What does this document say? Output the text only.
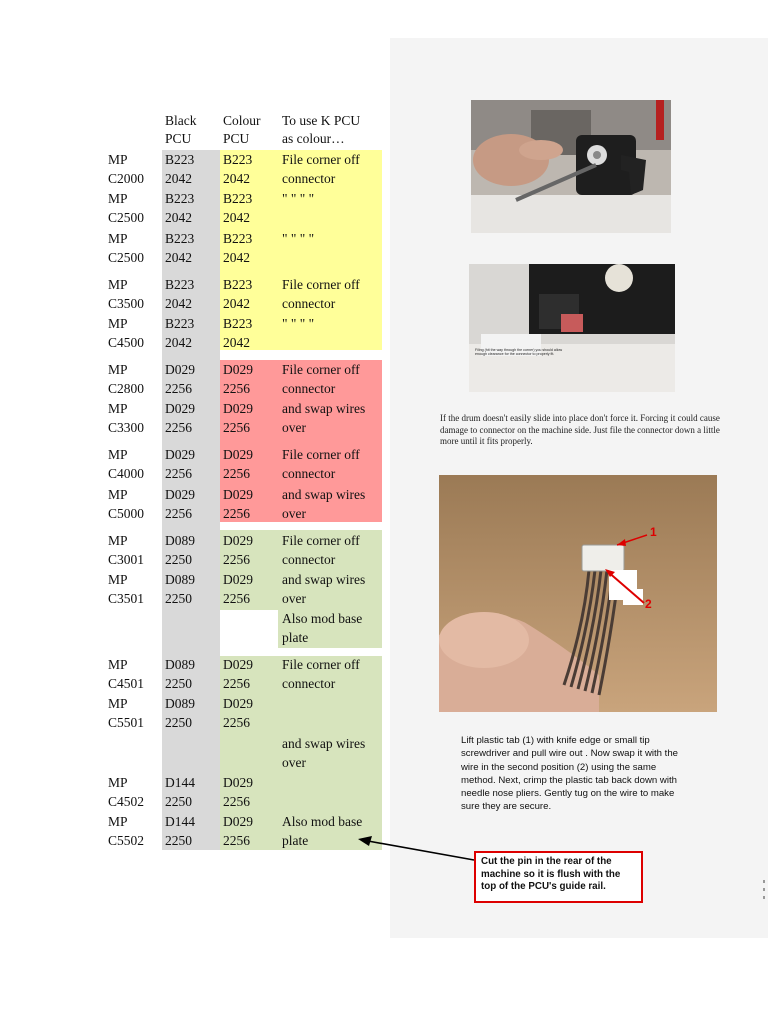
Black
PCU
Colour
PCU
To use K PCU
as colour…
MP
C2000
B223
2042
B223
2042
File corner off
connector
MP
C2500
B223
2042
B223
2042
" " " "
MP
C2500
B223
2042
B223
2042
" " " "
MP
C3500
B223
2042
B223
2042
File corner off
connector
MP
C4500
B223
2042
B223
2042
" " " "
MP
C2800
D029
2256
D029
2256
File corner off
connector
MP
C3300
D029
2256
D029
2256
and swap wires
over
MP
C4000
D029
2256
D029
2256
File corner off
connector
MP
C5000
D029
2256
D029
2256
and swap wires
over
MP
C3001
D089
2250
D029
2256
File corner off
connector
MP
C3501
D089
2250
D029
2256
and swap wires
over
Also mod base
plate
MP
C4501
D089
2250
D029
2256
File corner off
connector
MP
C5501
D089
2250
D029
2256
and swap wires
over
MP
C4502
D144
2250
D029
2256
MP
C5502
D144
2250
D029
2256
Also mod base
plate
Filing (hit the way through the corner) you should allow enough clearance for the connector to properly fit.
If the drum doesn't easily slide into place don't force it. Forcing it could cause damage to connector on the machine side. Just file the connector down a little more until it fits properly.
1
2
Lift plastic tab (1) with knife edge or small tip screwdriver and pull wire out . Now swap it with the wire in the second position (2) using the same method. Next, crimp the plastic tab back down with needle nose pliers. Gently tug on the wire to make sure they are secure.
Cut the pin in the rear of the machine so it is flush with the top of the PCU's guide rail.
